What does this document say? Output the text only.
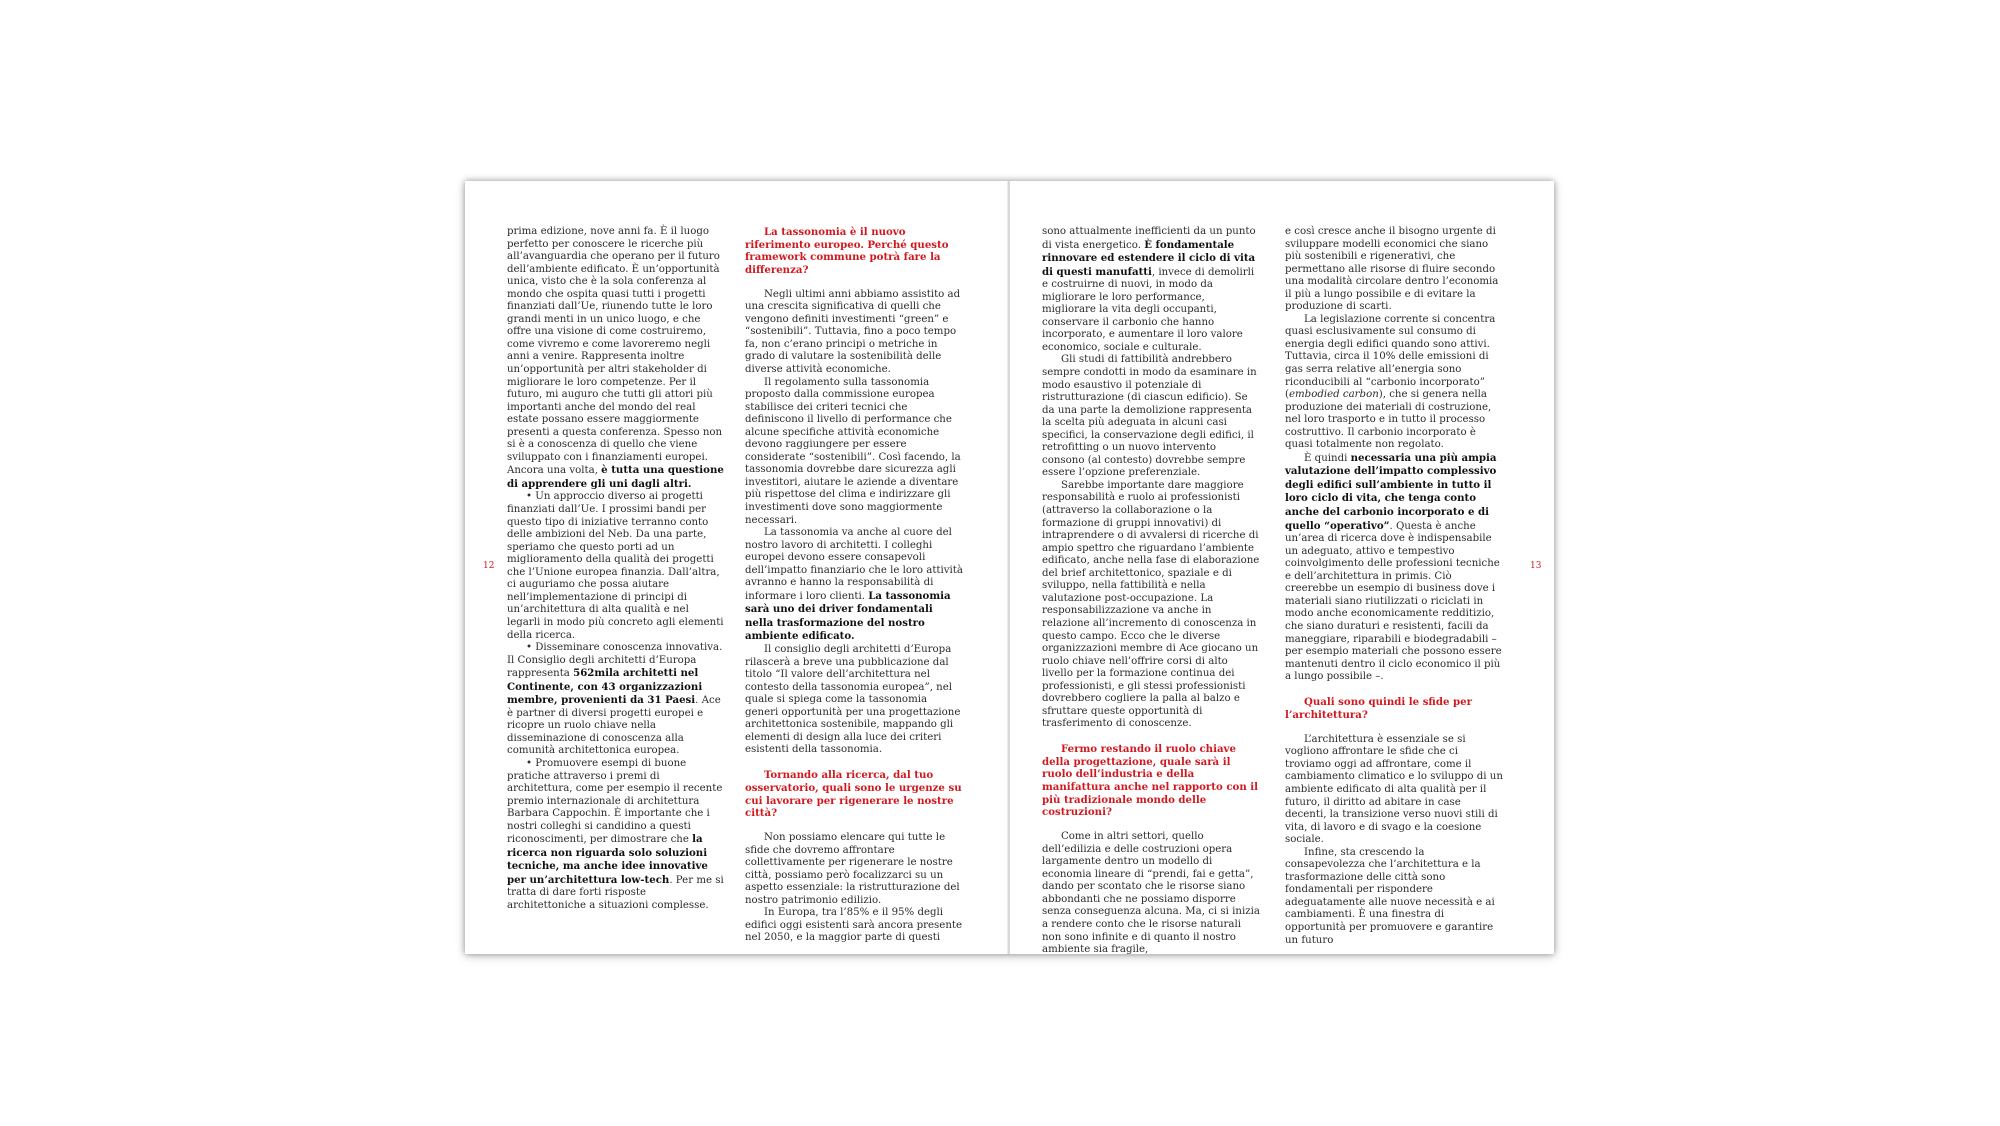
12

prima edizione, nove anni fa. È il luogo perfetto per conoscere le ricerche più all’avanguardia che operano per il futuro dell’ambiente edificato. È un’opportunità unica, visto che è la sola conferenza al mondo che ospita quasi tutti i progetti finanziati dall’Ue, riunendo tutte le loro grandi menti in un unico luogo, e che offre una visione di come costruiremo, come vivremo e come lavoreremo negli anni a venire. Rappresenta inoltre un’opportunità per altri stakeholder di migliorare le loro competenze. Per il futuro, mi auguro che tutti gli attori più importanti anche del mondo del real estate possano essere maggiormente presenti a questa conferenza. Spesso non si è a conoscenza di quello che viene sviluppato con i finanziamenti europei. Ancora una volta, è tutta una questione di apprendere gli uni dagli altri.

• Un approccio diverso ai progetti finanziati dall’Ue. I prossimi bandi per questo tipo di iniziative terranno conto delle ambizioni del Neb. Da una parte, speriamo che questo porti ad un miglioramento della qualità dei progetti che l’Unione europea finanzia. Dall’altra, ci auguriamo che possa aiutare nell’implementazione di principi di un’architettura di alta qualità e nel legarli in modo più concreto agli elementi della ricerca.

• Disseminare conoscenza innovativa. Il Consiglio degli architetti d’Europa rappresenta 562mila architetti nel Continente, con 43 organizzazioni membre, provenienti da 31 Paesi. Ace è partner di diversi progetti europei e ricopre un ruolo chiave nella disseminazione di conoscenza alla comunità architettonica europea.

• Promuovere esempi di buone pratiche attraverso i premi di architettura, come per esempio il recente premio internazionale di architettura Barbara Cappochin. È importante che i nostri colleghi si candidino a questi riconoscimenti, per dimostrare che la ricerca non riguarda solo soluzioni tecniche, ma anche idee innovative per un’architettura low-tech. Per me si tratta di dare forti risposte architettoniche a situazioni complesse.

La tassonomia è il nuovo riferimento europeo. Perché questo framework commune potrà fare la differenza?

Negli ultimi anni abbiamo assistito ad una crescita significativa di quelli che vengono definiti investimenti “green” e “sostenibili”. Tuttavia, fino a poco tempo fa, non c’erano principi o metriche in grado di valutare la sostenibilità delle diverse attività economiche.

Il regolamento sulla tassonomia proposto dalla commissione europea stabilisce dei criteri tecnici che definiscono il livello di performance che alcune specifiche attività economiche devono raggiungere per essere considerate “sostenibili”. Così facendo, la tassonomia dovrebbe dare sicurezza agli investitori, aiutare le aziende a diventare più rispettose del clima e indirizzare gli investimenti dove sono maggiormente necessari.

La tassonomia va anche al cuore del nostro lavoro di architetti. I colleghi europei devono essere consapevoli dell’impatto finanziario che le loro attività avranno e hanno la responsabilità di informare i loro clienti. La tassonomia sarà uno dei driver fondamentali nella trasformazione del nostro ambiente edificato.

Il consiglio degli architetti d’Europa rilascerà a breve una pubblicazione dal titolo “Il valore dell’architettura nel contesto della tassonomia europea”, nel quale si spiega come la tassonomia generi opportunità per una progettazione architettonica sostenibile, mappando gli elementi di design alla luce dei criteri esistenti della tassonomia.

Tornando alla ricerca, dal tuo osservatorio, quali sono le urgenze su cui lavorare per rigenerare le nostre città?

Non possiamo elencare qui tutte le sfide che dovremo affrontare collettivamente per rigenerare le nostre città, possiamo però focalizzarci su un aspetto essenziale: la ristrutturazione del nostro patrimonio edilizio.

In Europa, tra l’85% e il 95% degli edifici oggi esistenti sarà ancora presente nel 2050, e la maggior parte di questi

13

sono attualmente inefficienti da un punto di vista energetico. È fondamentale rinnovare ed estendere il ciclo di vita di questi manufatti, invece di demolirli e costruirne di nuovi, in modo da migliorare le loro performance, migliorare la vita degli occupanti, conservare il carbonio che hanno incorporato, e aumentare il loro valore economico, sociale e culturale.

Gli studi di fattibilità andrebbero sempre condotti in modo da esaminare in modo esaustivo il potenziale di ristrutturazione (di ciascun edificio). Se da una parte la demolizione rappresenta la scelta più adeguata in alcuni casi specifici, la conservazione degli edifici, il retrofitting o un nuovo intervento consono (al contesto) dovrebbe sempre essere l’opzione preferenziale.

Sarebbe importante dare maggiore responsabilità e ruolo ai professionisti (attraverso la collaborazione o la formazione di gruppi innovativi) di intraprendere o di avvalersi di ricerche di ampio spettro che riguardano l’ambiente edificato, anche nella fase di elaborazione del brief architettonico, spaziale e di sviluppo, nella fattibilità e nella valutazione post-occupazione. La responsabilizzazione va anche in relazione all’incremento di conoscenza in questo campo. Ecco che le diverse organizzazioni membre di Ace giocano un ruolo chiave nell’offrire corsi di alto livello per la formazione continua dei professionisti, e gli stessi professionisti dovrebbero cogliere la palla al balzo e sfruttare queste opportunità di trasferimento di conoscenze.

Fermo restando il ruolo chiave della progettazione, quale sarà il ruolo dell’industria e della manifattura anche nel rapporto con il più tradizionale mondo delle costruzioni?

Come in altri settori, quello dell’edilizia e delle costruzioni opera largamente dentro un modello di economia lineare di “prendi, fai e getta”, dando per scontato che le risorse siano abbondanti che ne possiamo disporre senza conseguenza alcuna. Ma, ci si inizia a rendere conto che le risorse naturali non sono infinite e di quanto il nostro ambiente sia fragile,

e così cresce anche il bisogno urgente di sviluppare modelli economici che siano più sostenibili e rigenerativi, che permettano alle risorse di fluire secondo una modalità circolare dentro l’economia il più a lungo possibile e di evitare la produzione di scarti.

La legislazione corrente si concentra quasi esclusivamente sul consumo di energia degli edifici quando sono attivi. Tuttavia, circa il 10% delle emissioni di gas serra relative all’energia sono riconducibili al “carbonio incorporato” (embodied carbon), che si genera nella produzione dei materiali di costruzione, nel loro trasporto e in tutto il processo costruttivo. Il carbonio incorporato è quasi totalmente non regolato.

È quindi necessaria una più ampia valutazione dell’impatto complessivo degli edifici sull’ambiente in tutto il loro ciclo di vita, che tenga conto anche del carbonio incorporato e di quello “operativo”. Questa è anche un’area di ricerca dove è indispensabile un adeguato, attivo e tempestivo coinvolgimento delle professioni tecniche e dell’architettura in primis. Ciò creerebbe un esempio di business dove i materiali siano riutilizzati o riciclati in modo anche economicamente redditizio, che siano duraturi e resistenti, facili da maneggiare, riparabili e biodegradabili – per esempio materiali che possono essere mantenuti dentro il ciclo economico il più a lungo possibile –.

Quali sono quindi le sfide per l’architettura?

L’architettura è essenziale se si vogliono affrontare le sfide che ci troviamo oggi ad affrontare, come il cambiamento climatico e lo sviluppo di un ambiente edificato di alta qualità per il futuro, il diritto ad abitare in case decenti, la transizione verso nuovi stili di vita, di lavoro e di svago e la coesione sociale.

Infine, sta crescendo la consapevolezza che l’architettura e la trasformazione delle città sono fondamentali per rispondere adeguatamente alle nuove necessità e ai cambiamenti. È una finestra di opportunità per promuovere e garantire un futuro
